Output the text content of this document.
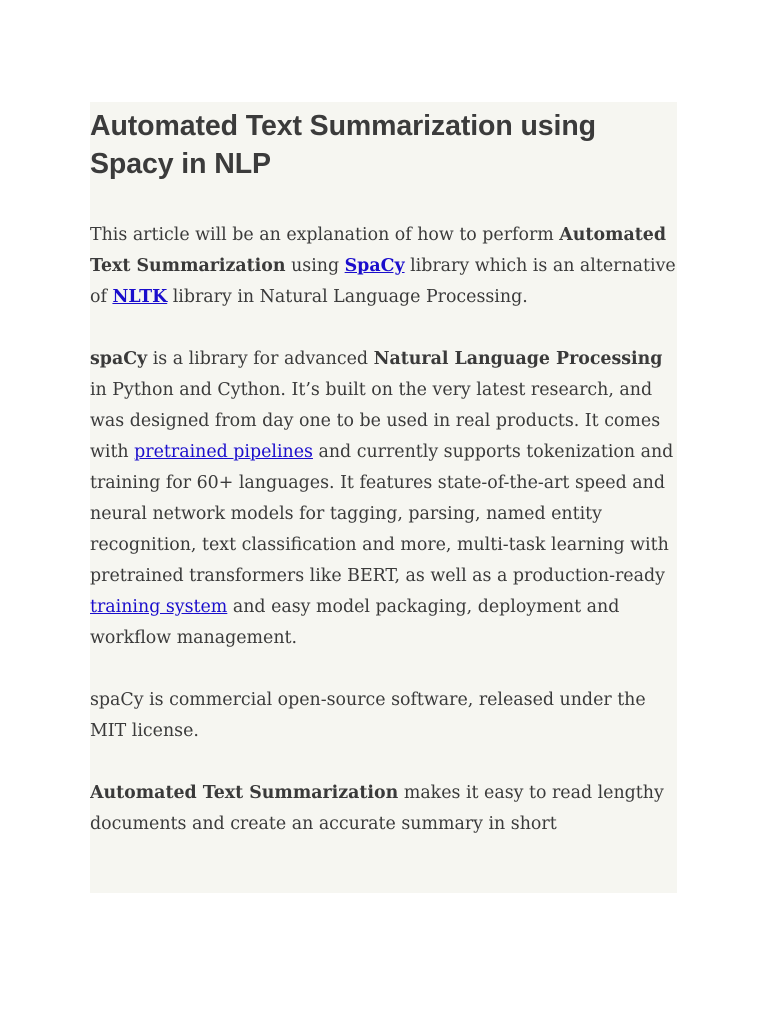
Automated Text Summarization using Spacy in NLP

This article will be an explanation of how to perform Automated Text Summarization using SpaCy library which is an alternative of NLTK library in Natural Language Processing.

spaCy is a library for advanced Natural Language Processing in Python and Cython. It’s built on the very latest research, and was designed from day one to be used in real products. It comes with pretrained pipelines and currently supports tokenization and training for 60+ languages. It features state-of-the-art speed and neural network models for tagging, parsing, named entity recognition, text classification and more, multi-task learning with pretrained transformers like BERT, as well as a production-ready training system and easy model packaging, deployment and workflow management.

spaCy is commercial open-source software, released under the MIT license.

Automated Text Summarization makes it easy to read lengthy documents and create an accurate summary in short
